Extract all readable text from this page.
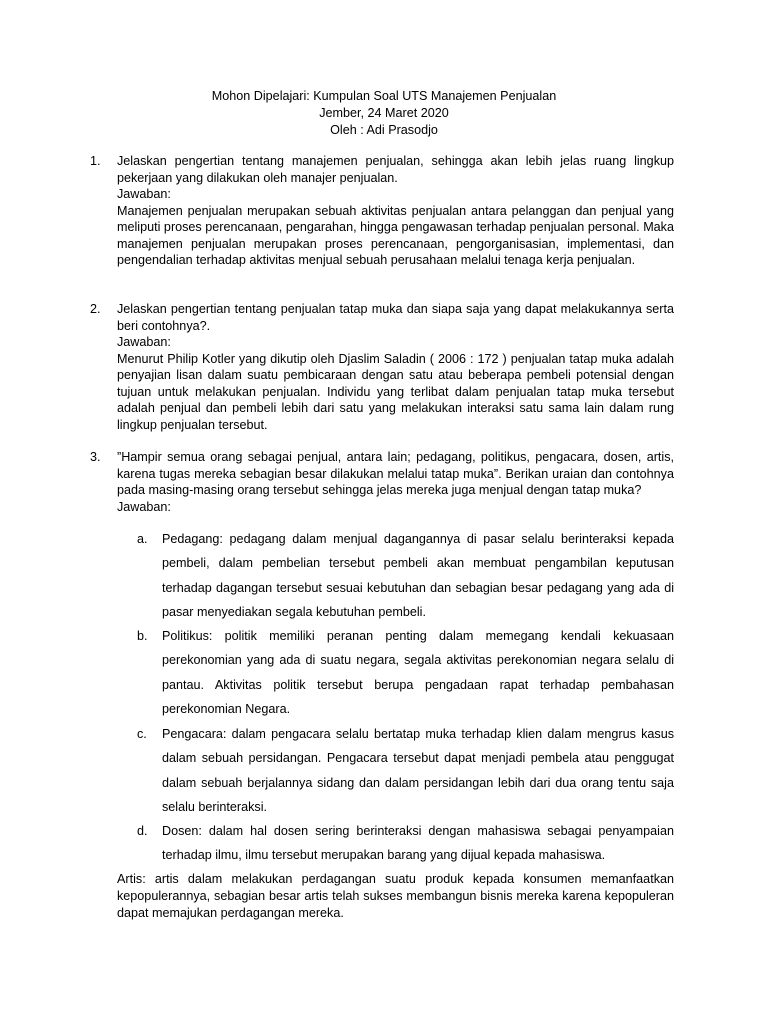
Mohon Dipelajari: Kumpulan Soal UTS Manajemen Penjualan
Jember, 24 Maret 2020
Oleh : Adi Prasodjo
1. Jelaskan pengertian tentang manajemen penjualan, sehingga akan lebih jelas ruang lingkup pekerjaan yang dilakukan oleh manajer penjualan.
Jawaban:
Manajemen penjualan merupakan sebuah aktivitas penjualan antara pelanggan dan penjual yang meliputi proses perencanaan, pengarahan, hingga pengawasan terhadap penjualan personal. Maka manajemen penjualan merupakan proses perencanaan, pengorganisasian, implementasi, dan pengendalian terhadap aktivitas menjual sebuah perusahaan melalui tenaga kerja penjualan.
2. Jelaskan pengertian tentang penjualan tatap muka dan siapa saja yang dapat melakukannya serta beri contohnya?.
Jawaban:
Menurut Philip Kotler yang dikutip oleh Djaslim Saladin ( 2006 : 172 ) penjualan tatap muka adalah penyajian lisan dalam suatu pembicaraan dengan satu atau beberapa pembeli potensial dengan tujuan untuk melakukan penjualan. Individu yang terlibat dalam penjualan tatap muka tersebut adalah penjual dan pembeli lebih dari satu yang melakukan interaksi satu sama lain dalam rung lingkup penjualan tersebut.
3. ”Hampir semua orang sebagai penjual, antara lain; pedagang, politikus, pengacara, dosen, artis, karena tugas mereka sebagian besar dilakukan melalui tatap muka”. Berikan uraian dan contohnya pada masing-masing orang tersebut sehingga jelas mereka juga menjual dengan tatap muka?
Jawaban:
a. Pedagang: pedagang dalam menjual dagangannya di pasar selalu berinteraksi kepada pembeli, dalam pembelian tersebut pembeli akan membuat pengambilan keputusan terhadap dagangan tersebut sesuai kebutuhan dan sebagian besar pedagang yang ada di pasar menyediakan segala kebutuhan pembeli.
b. Politikus: politik memiliki peranan penting dalam memegang kendali kekuasaan perekonomian yang ada di suatu negara, segala aktivitas perekonomian negara selalu di pantau. Aktivitas politik tersebut berupa pengadaan rapat terhadap pembahasan perekonomian Negara.
c. Pengacara: dalam pengacara selalu bertatap muka terhadap klien dalam mengrus kasus dalam sebuah persidangan. Pengacara tersebut dapat menjadi pembela atau penggugat dalam sebuah berjalannya sidang dan dalam persidangan lebih dari dua orang tentu saja selalu berinteraksi.
d. Dosen: dalam hal dosen sering berinteraksi dengan mahasiswa sebagai penyampaian terhadap ilmu, ilmu tersebut merupakan barang yang dijual kepada mahasiswa.
Artis: artis dalam melakukan perdagangan suatu produk kepada konsumen memanfaatkan kepopulerannya, sebagian besar artis telah sukses membangun bisnis mereka karena kepopuleran dapat memajukan perdagangan mereka.
